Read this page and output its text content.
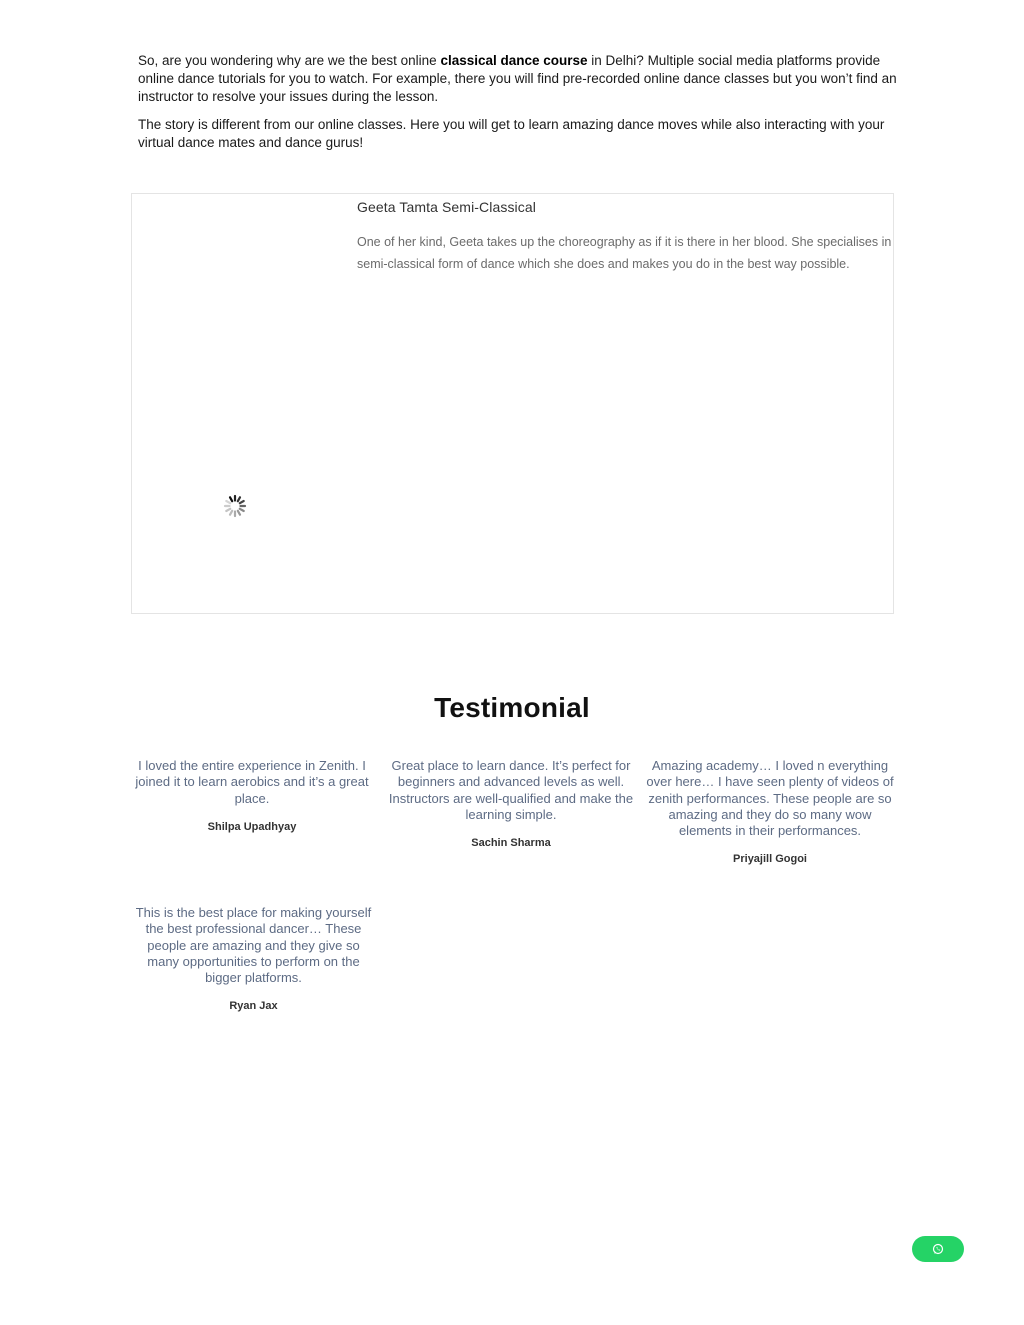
So, are you wondering why are we the best online classical dance course in Delhi? Multiple social media platforms provide online dance tutorials for you to watch. For example, there you will find pre-recorded online dance classes but you won’t find an instructor to resolve your issues during the lesson.

The story is different from our online classes. Here you will get to learn amazing dance moves while also interacting with your virtual dance mates and dance gurus!

Geeta Tamta Semi-Classical
One of her kind, Geeta takes up the choreography as if it is there in her blood. She specialises in semi-classical form of dance which she does and makes you do in the best way possible.
Testimonial
I loved the entire experience in Zenith. I joined it to learn aerobics and it’s a great place.
Shilpa Upadhyay
Great place to learn dance. It’s perfect for beginners and advanced levels as well. Instructors are well-qualified and make the learning simple.
Sachin Sharma
Amazing academy… I loved n everything over here… I have seen plenty of videos of zenith performances. These people are so amazing and they do so many wow elements in their performances.
Priyajill Gogoi
This is the best place for making yourself the best professional dancer… These people are amazing and they give so many opportunities to perform on the bigger platforms.
Ryan Jax
